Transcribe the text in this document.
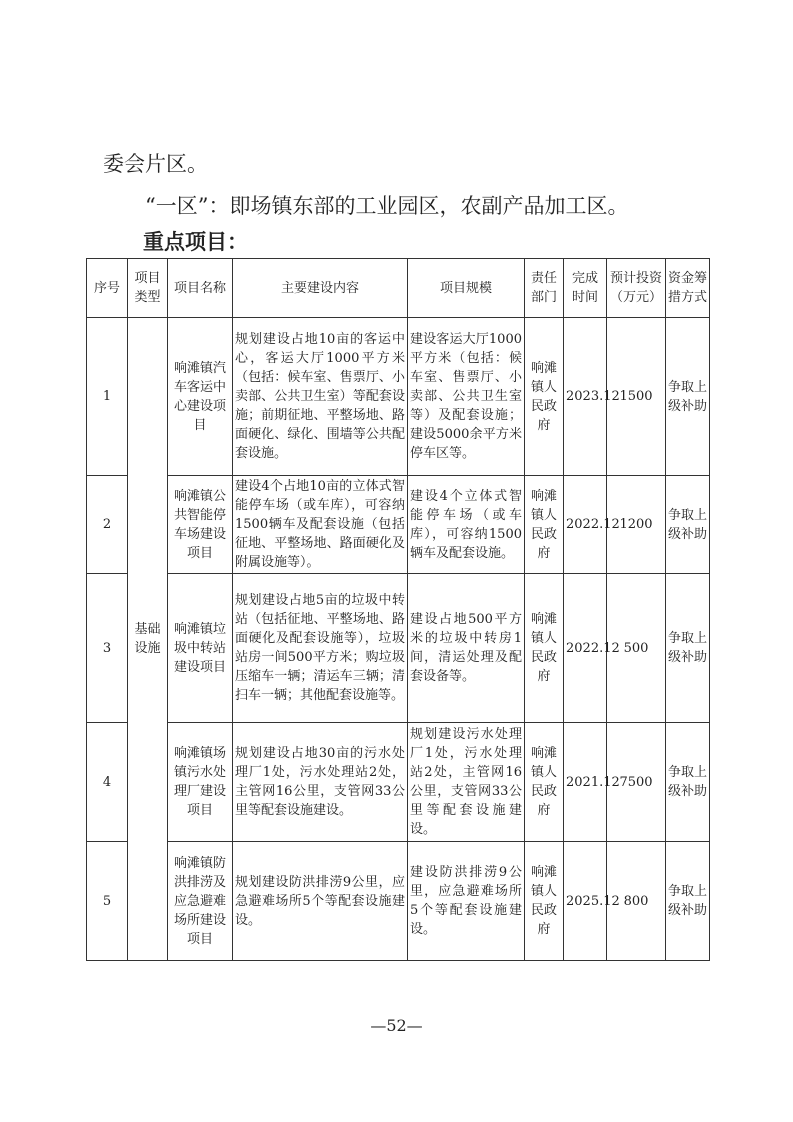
委会片区。
“一区”：即场镇东部的工业园区，农副产品加工区。
重点项目：
序号	项目类型	项目名称	主要建设内容	项目规模	责任部门	完成时间	预计投资（万元）	资金筹措方式
1	基础设施	响滩镇汽车客运中心建设项目	规划建设占地10亩的客运中心，客运大厅1000平方米（包括：候车室、售票厅、小卖部、公共卫生室）等配套设施；前期征地、平整场地、路面硬化、绿化、围墙等公共配套设施。	建设客运大厅1000平方米（包括：候车室、售票厅、小卖部、公共卫生室等）及配套设施；建设5000余平方米停车区等。	响滩镇人民政府	2023.12	1500	争取上级补助
2		响滩镇公共智能停车场建设项目	建设4个占地10亩的立体式智能停车场（或车库），可容纳1500辆车及配套设施（包括征地、平整场地、路面硬化及附属设施等）。	建设4个立体式智能停车场（或车库），可容纳1500辆车及配套设施。	响滩镇人民政府	2022.12	1200	争取上级补助
3		响滩镇垃圾中转站建设项目	规划建设占地5亩的垃圾中转站（包括征地、平整场地、路面硬化及配套设施等），垃圾站房一间500平方米；购垃圾压缩车一辆；清运车三辆；清扫车一辆；其他配套设施等。	建设占地500平方米的垃圾中转房1间，清运处理及配套设备等。	响滩镇人民政府	2022.12	500	争取上级补助
4		响滩镇场镇污水处理厂建设项目	规划建设占地30亩的污水处理厂1处，污水处理站2处，主管网16公里，支管网33公里等配套设施建设。	规划建设污水处理厂1处，污水处理站2处，主管网16公里，支管网33公里等配套设施建设。	响滩镇人民政府	2021.12	7500	争取上级补助
5		响滩镇防洪排涝及应急避难场所建设项目	规划建设防洪排涝9公里，应急避难场所5个等配套设施建设。	建设防洪排涝9公里，应急避难场所5个等配套设施建设。	响滩镇人民政府	2025.12	800	争取上级补助
—52—
